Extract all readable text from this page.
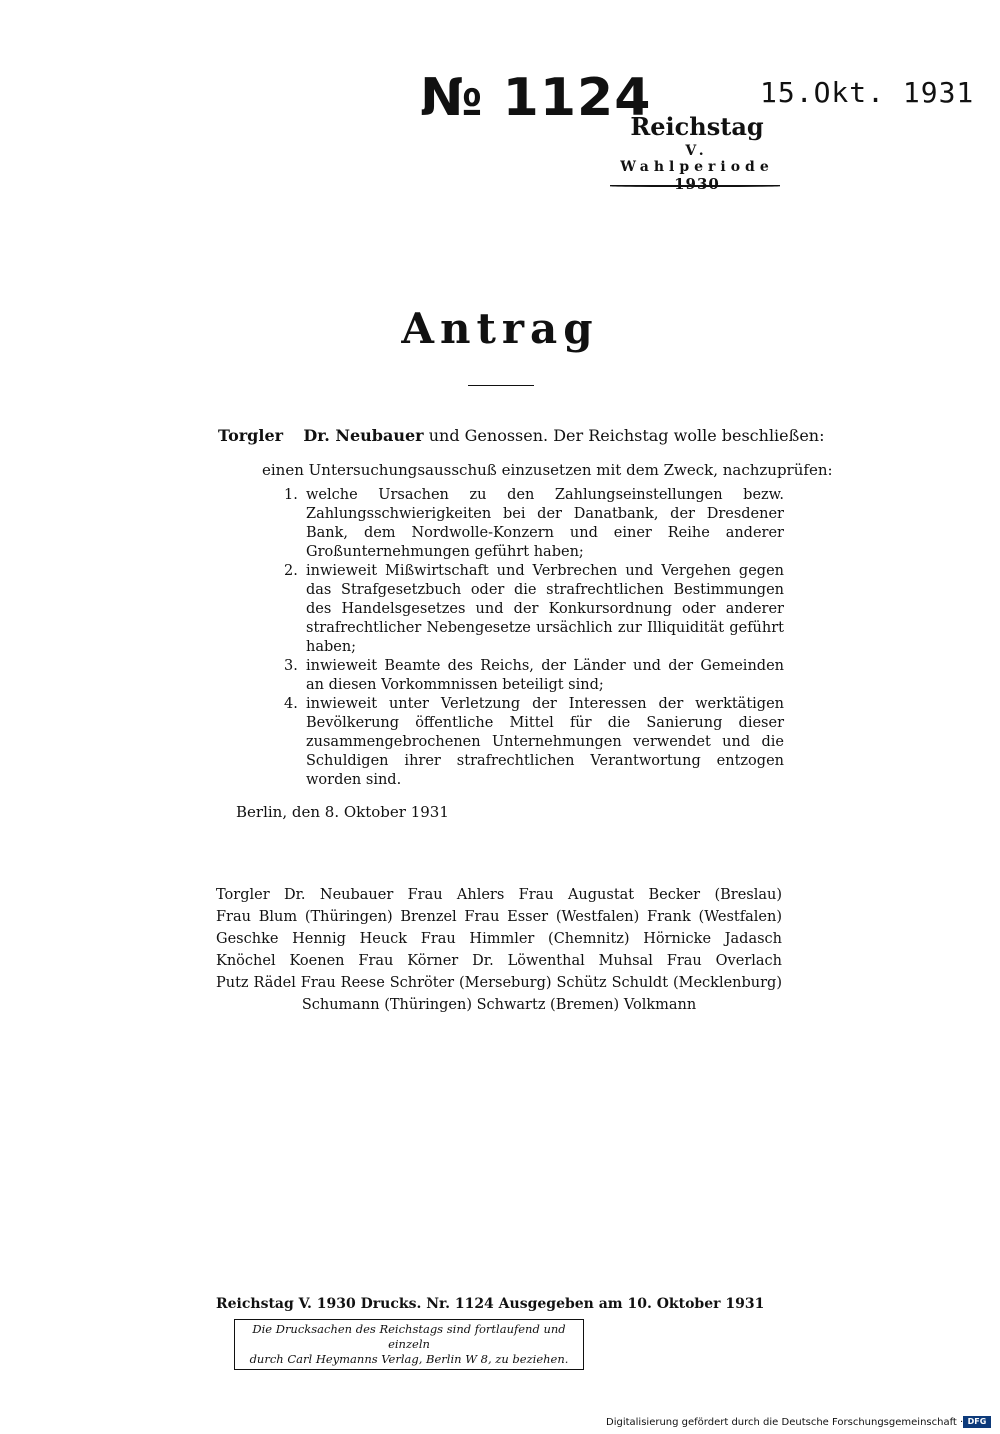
№ 1124	15.Okt. 1931
Reichstag
V. Wahlperiode
1930
Antrag
Torgler Dr. Neubauer und Genossen. Der Reichstag wolle beschließen:
einen Untersuchungsausschuß einzusetzen mit dem Zweck, nachzuprüfen:
1. welche Ursachen zu den Zahlungseinstellungen bezw. Zahlungsschwierigkeiten bei der Danatbank, der Dresdener Bank, dem Nordwolle-Konzern und einer Reihe anderer Großunternehmungen geführt haben;
2. inwieweit Mißwirtschaft und Verbrechen und Vergehen gegen das Strafgesetzbuch oder die strafrechtlichen Bestimmungen des Handelsgesetzes und der Konkursordnung oder anderer strafrechtlicher Nebengesetze ursächlich zur Illiquidität geführt haben;
3. inwieweit Beamte des Reichs, der Länder und der Gemeinden an diesen Vorkommnissen beteiligt sind;
4. inwieweit unter Verletzung der Interessen der werktätigen Bevölkerung öffentliche Mittel für die Sanierung dieser zusammengebrochenen Unternehmungen verwendet und die Schuldigen ihrer strafrechtlichen Verantwortung entzogen worden sind.
Berlin, den 8. Oktober 1931
Torgler Dr. Neubauer Frau Ahlers Frau Augustat Becker (Breslau)
Frau Blum (Thüringen) Brenzel Frau Esser (Westfalen) Frank (Westfalen)
Geschke Hennig Heuck Frau Himmler (Chemnitz) Hörnicke Jadasch
Knöchel Koenen Frau Körner Dr. Löwenthal Muhsal Frau Overlach
Putz Rädel Frau Reese Schröter (Merseburg) Schütz Schuldt (Mecklenburg)
Schumann (Thüringen) Schwartz (Bremen) Volkmann
Reichstag V. 1930 Drucks. Nr. 1124 Ausgegeben am 10. Oktober 1931
Die Drucksachen des Reichstags sind fortlaufend und einzeln
durch Carl Heymanns Verlag, Berlin W 8, zu beziehen.
Digitalisierung gefördert durch die Deutsche Forschungsgemeinschaft · DFG
